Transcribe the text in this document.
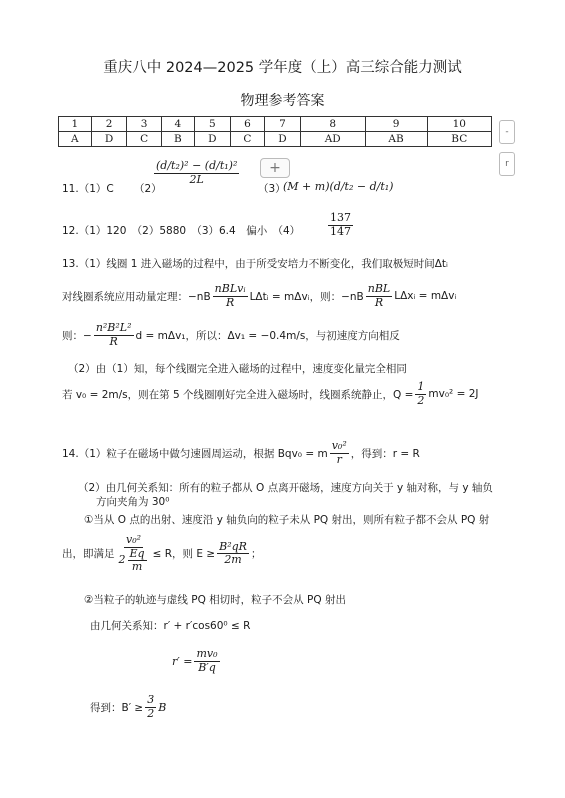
重庆八中 2024—2025 学年度（上）高三综合能力测试
物理参考答案
1	2	3	4	5	6	7	8	9	10
A	D	C	B	D	C	D	AD	AB	BC
-
r
+
11.（1）C （2）
$\frac{\text{(d/t₂)² − (d/t₁)²}}{2L}$
（3）
(M + m)(d/t₂ − d/t₁)
12.（1）120　（2）5880　（3）6.4　偏小　（4）	$\frac{137}{147}$
13.（1）线圈 1 进入磁场的过程中，由于所受安培力不断变化，我们取极短时间Δtᵢ
对线圈系统应用动量定理：$-nB \frac{\text{nBLvᵢ}}{R}$ LΔtᵢ = mΔvᵢ，则：$-nB \frac{\text{nBL}}{R}$ LΔxᵢ = mΔvᵢ
则：− $\frac{\text{n²B²L²}}{R}$ d = mΔv₁，所以：Δv₁ = −0.4m/s，与初速度方向相反
（2）由（1）知，每个线圈完全进入磁场的过程中，速度变化量完全相同
若 v₀ = 2m/s，则在第 5 个线圈刚好完全进入磁场时，线圈系统静止，$Q = \frac{1}{2} mv_0^2 = 2J$
14.（1）粒子在磁场中做匀速圆周运动，根据 Bqv₀ = m $\frac{\text{v₀²}}{r}$ ，得到：r = R
（2）由几何关系知：所有的粒子都从 O 点离开磁场，速度方向关于 y 轴对称，与 y 轴负
方向夹角为 30⁰
①当从 O 点的出射、速度沿 y 轴负向的粒子未从 PQ 射出，则所有粒子都不会从 PQ 射
出，即满足 $\frac{\text{v₀²}}{2 \frac{Eq}{m}} \le R$，则 $E \ge \frac{\text{B²qR}}{2m}$ ；
②当粒子的轨迹与虚线 PQ 相切时，粒子不会从 PQ 射出
由几何关系知：r′ + r′cos60⁰ ≤ R
$r' = \frac{\text{mv₀}}{B'q}$
得到：$B' \ge \frac{3}{2}$ B
